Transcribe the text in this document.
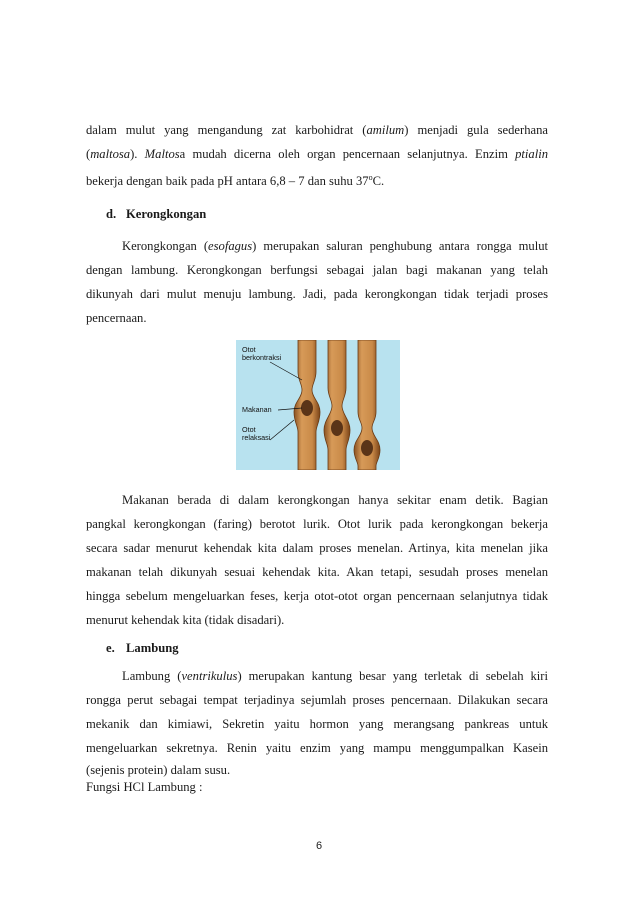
dalam mulut yang mengandung zat karbohidrat (amilum) menjadi gula sederhana
(maltosa). Maltosa mudah dicerna oleh organ pencernaan selanjutnya. Enzim ptialin
bekerja dengan baik pada pH antara 6,8 – 7 dan suhu 37$^o$C.
d. Kerongkongan
Kerongkongan (esofagus) merupakan saluran penghubung antara rongga mulut
dengan lambung. Kerongkongan berfungsi sebagai jalan bagi makanan yang telah
dikunyah dari mulut menuju lambung. Jadi, pada kerongkongan tidak terjadi proses
pencernaan.
Otot
berkontraksi
Makanan
Otot
relaksasi
Makanan berada di dalam kerongkongan hanya sekitar enam detik. Bagian
pangkal kerongkongan (faring) berotot lurik. Otot lurik pada kerongkongan bekerja
secara sadar menurut kehendak kita dalam proses menelan. Artinya, kita menelan jika
makanan telah dikunyah sesuai kehendak kita. Akan tetapi, sesudah proses menelan
hingga sebelum mengeluarkan feses, kerja otot-otot organ pencernaan selanjutnya tidak
menurut kehendak kita (tidak disadari).
e. Lambung
Lambung (ventrikulus) merupakan kantung besar yang terletak di sebelah kiri
rongga perut sebagai tempat terjadinya sejumlah proses pencernaan. Dilakukan secara
mekanik dan kimiawi, Sekretin yaitu hormon yang merangsang pankreas untuk
mengeluarkan sekretnya. Renin yaitu enzim yang mampu menggumpalkan Kasein
(sejenis protein) dalam susu.
Fungsi HCl Lambung :
6
